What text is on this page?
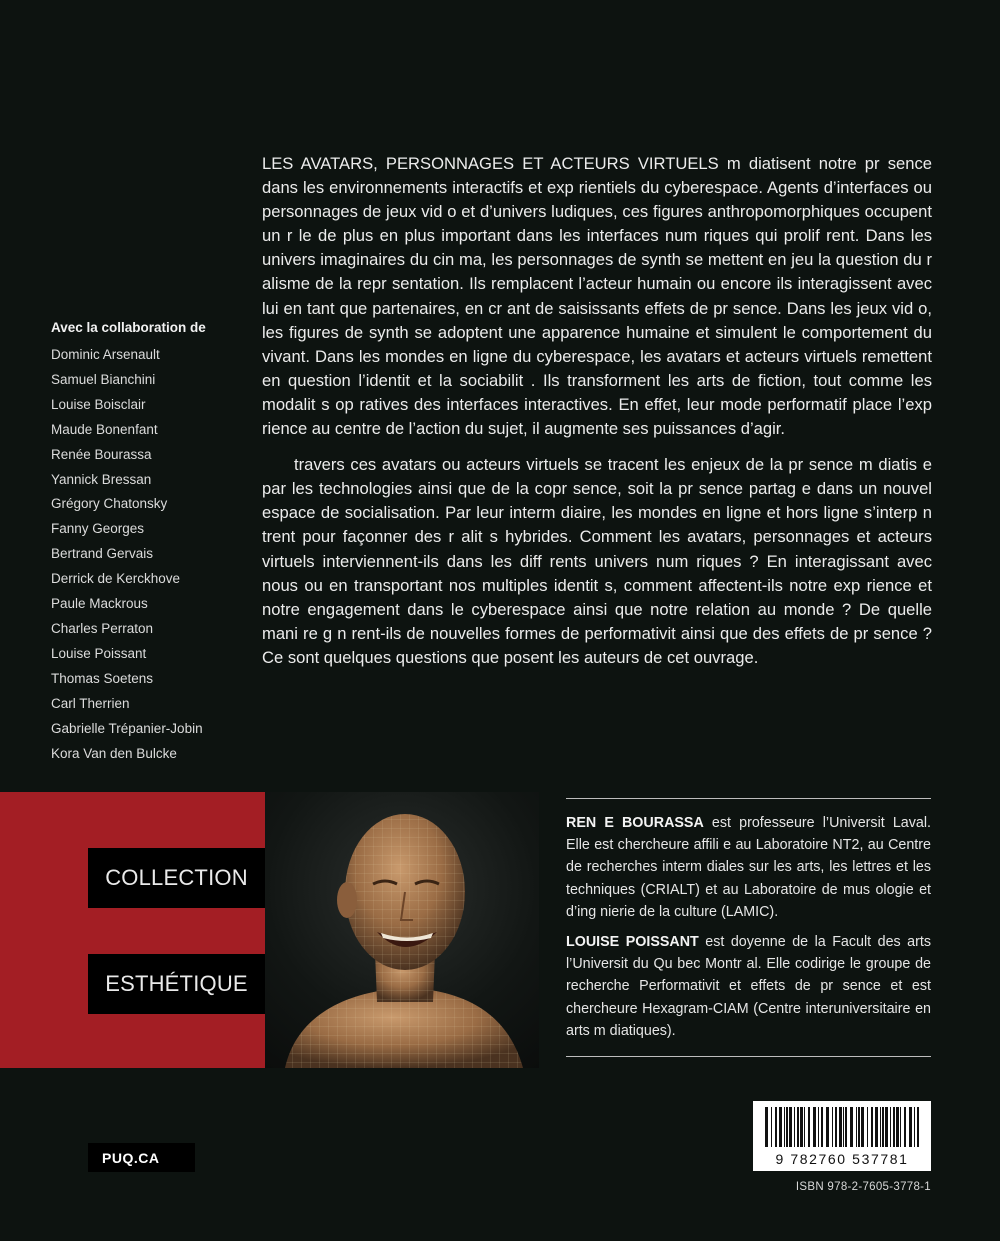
LES AVATARS, PERSONNAGES ET ACTEURS VIRTUELS m diatisent notre pr sence dans les environnements interactifs et exp rientiels du cyberespace. Agents d’interfaces ou personnages de jeux vid o et d’univers ludiques, ces figures anthropomorphiques occupent un r le de plus en plus important dans les interfaces num riques qui prolif rent. Dans les univers imaginaires du cin ma, les personnages de synth se mettent en jeu la question du r alisme de la repr sentation. Ils remplacent l’acteur humain ou encore ils interagissent avec lui en tant que partenaires, en cr ant de saisissants effets de pr sence. Dans les jeux vid o, les figures de synth se adoptent une apparence humaine et simulent le comportement du vivant. Dans les mondes en ligne du cyberespace, les avatars et acteurs virtuels remettent en question l’identit et la sociabilit . Ils transforment les arts de fiction, tout comme les modalit s op ratives des interfaces interactives. En effet, leur mode performatif place l’exp rience au centre de l’action du sujet, il augmente ses puissances d’agir.

travers ces avatars ou acteurs virtuels se tracent les enjeux de la pr sence m diatis e par les technologies ainsi que de la copr sence, soit la pr sence partag e dans un nouvel espace de socialisation. Par leur interm diaire, les mondes en ligne et hors ligne s’interp n trent pour façonner des r alit s hybrides. Comment les avatars, personnages et acteurs virtuels interviennent-ils dans les diff rents univers num riques ? En interagissant avec nous ou en transportant nos multiples identit s, comment affectent-ils notre exp rience et notre engagement dans le cyberespace ainsi que notre relation au monde ? De quelle mani re g n rent-ils de nouvelles formes de performativit ainsi que des effets de pr sence ? Ce sont quelques questions que posent les auteurs de cet ouvrage.

Avec la collaboration de
Dominic Arsenault
Samuel Bianchini
Louise Boisclair
Maude Bonenfant
Renée Bourassa
Yannick Bressan
Grégory Chatonsky
Fanny Georges
Bertrand Gervais
Derrick de Kerckhove
Paule Mackrous
Charles Perraton
Louise Poissant
Thomas Soetens
Carl Therrien
Gabrielle Trépanier-Jobin
Kora Van den Bulcke
COLLECTION
ESTHÉTIQUE

REN E BOURASSA est professeure l’Universit Laval. Elle est chercheure affili e au Laboratoire NT2, au Centre de recherches interm diales sur les arts, les lettres et les techniques (CRIALT) et au Laboratoire de mus ologie et d’ing nierie de la culture (LAMIC).

LOUISE POISSANT est doyenne de la Facult des arts l’Universit du Qu bec Montr al. Elle codirige le groupe de recherche Performativit et effets de pr sence et est chercheure Hexagram-CIAM (Centre interuniversitaire en arts m diatiques).

9 782760 537781
ISBN 978-2-7605-3778-1
PUQ.CA
